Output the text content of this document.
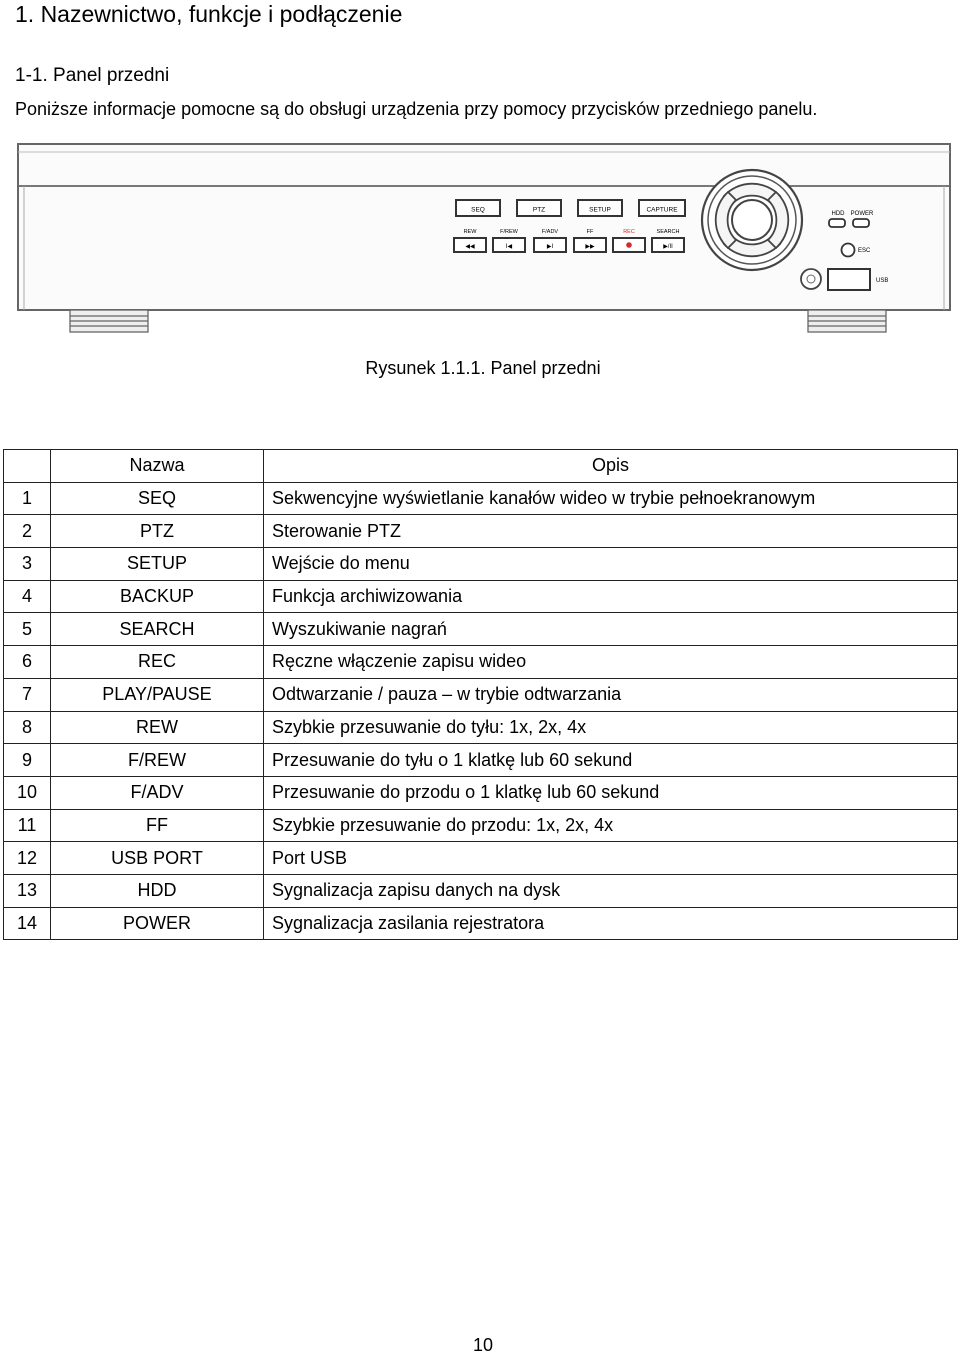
1. Nazewnictwo, funkcje i podłączenie
1-1. Panel przedni
Poniższe informacje pomocne są do obsługi urządzenia przy pomocy przycisków przedniego panelu.
SEQ	PTZ	SETUP	CAPTURE
REW	F/REW	F/ADV	FF	REC	SEARCH
◀◀	I◀	▶I	▶▶	▶/II
HDD POWER
ESC
USB
Rysunek 1.1.1. Panel przedni
	Nazwa	Opis
1	SEQ	Sekwencyjne wyświetlanie kanałów wideo w trybie pełnoekranowym
2	PTZ	Sterowanie PTZ
3	SETUP	Wejście do menu
4	BACKUP	Funkcja archiwizowania
5	SEARCH	Wyszukiwanie nagrań
6	REC	Ręczne włączenie zapisu wideo
7	PLAY/PAUSE	Odtwarzanie / pauza – w trybie odtwarzania
8	REW	Szybkie przesuwanie do tyłu: 1x, 2x, 4x
9	F/REW	Przesuwanie do tyłu o 1 klatkę lub 60 sekund
10	F/ADV	Przesuwanie do przodu o 1 klatkę lub 60 sekund
11	FF	Szybkie przesuwanie do przodu: 1x, 2x, 4x
12	USB PORT	Port USB
13	HDD	Sygnalizacja zapisu danych na dysk
14	POWER	Sygnalizacja zasilania rejestratora
10
